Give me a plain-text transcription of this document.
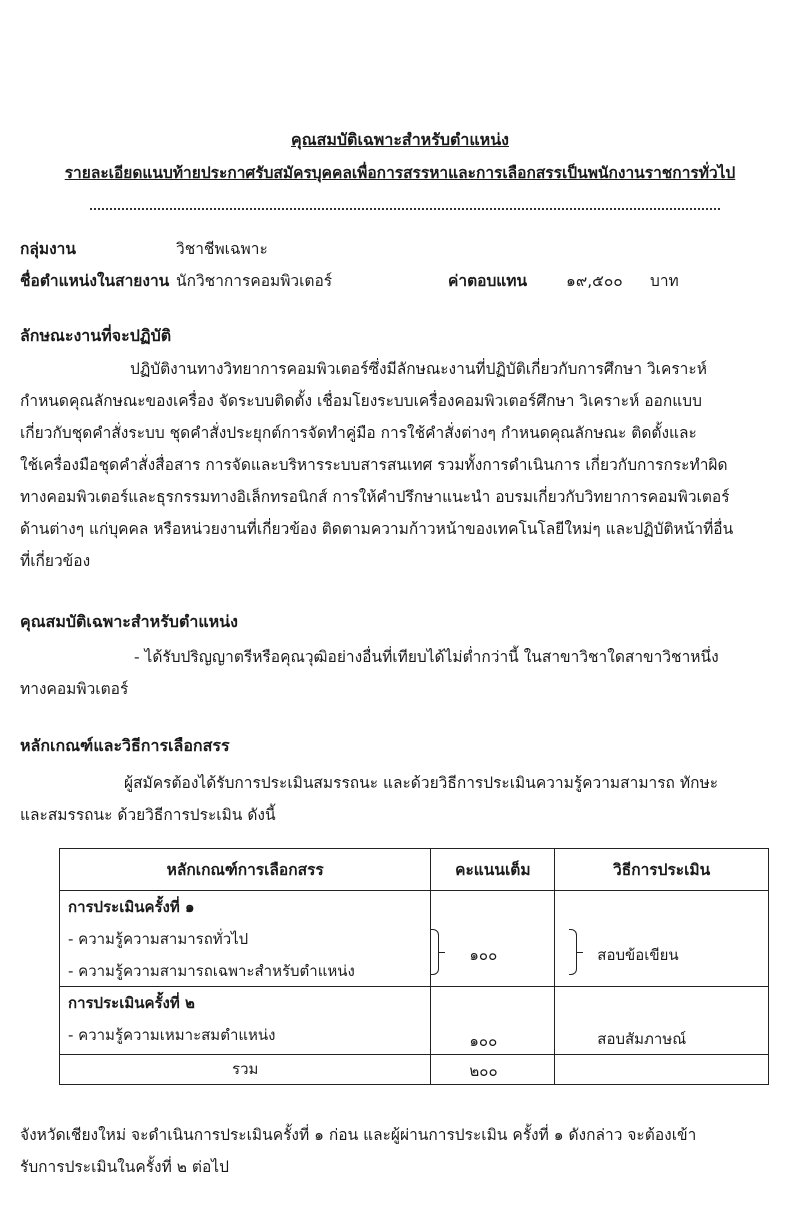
คุณสมบัติเฉพาะสำหรับตำแหน่ง
รายละเอียดแนบท้ายประกาศรับสมัครบุคคลเพื่อการสรรหาและการเลือกสรรเป็นพนักงานราชการทั่วไป
กลุ่มงาน	วิชาชีพเฉพาะ
ชื่อตำแหน่งในสายงาน นักวิชาการคอมพิวเตอร์	ค่าตอบแทน	๑๙,๕๐๐ บาท
ลักษณะงานที่จะปฏิบัติ
ปฏิบัติงานทางวิทยาการคอมพิวเตอร์ซึ่งมีลักษณะงานที่ปฏิบัติเกี่ยวกับการศึกษา วิเคราะห์
กำหนดคุณลักษณะของเครื่อง จัดระบบติดตั้ง เชื่อมโยงระบบเครื่องคอมพิวเตอร์ศึกษา วิเคราะห์ ออกแบบ
เกี่ยวกับชุดคำสั่งระบบ ชุดคำสั่งประยุกต์การจัดทำคู่มือ การใช้คำสั่งต่างๆ กำหนดคุณลักษณะ ติดตั้งและ
ใช้เครื่องมือชุดคำสั่งสื่อสาร การจัดและบริหารระบบสารสนเทศ รวมทั้งการดำเนินการ เกี่ยวกับการกระทำผิด
ทางคอมพิวเตอร์และธุรกรรมทางอิเล็กทรอนิกส์ การให้คำปรึกษาแนะนำ อบรมเกี่ยวกับวิทยาการคอมพิวเตอร์
ด้านต่างๆ แก่บุคคล หรือหน่วยงานที่เกี่ยวข้อง ติดตามความก้าวหน้าของเทคโนโลยีใหม่ๆ และปฏิบัติหน้าที่อื่น
ที่เกี่ยวข้อง
คุณสมบัติเฉพาะสำหรับตำแหน่ง
- ได้รับปริญญาตรีหรือคุณวุฒิอย่างอื่นที่เทียบได้ไม่ต่ำกว่านี้ ในสาขาวิชาใดสาขาวิชาหนึ่ง
ทางคอมพิวเตอร์
หลักเกณฑ์และวิธีการเลือกสรร
ผู้สมัครต้องได้รับการประเมินสมรรถนะ และด้วยวิธีการประเมินความรู้ความสามารถ ทักษะ
และสมรรถนะ ด้วยวิธีการประเมิน ดังนี้
หลักเกณฑ์การเลือกสรร	คะแนนเต็ม	วิธีการประเมิน

การประเมินครั้งที่ ๑
- ความรู้ความสามารถทั่วไป
- ความรู้ความสามารถเฉพาะสำหรับตำแหน่ง	๑๐๐	สอบข้อเขียน

การประเมินครั้งที่ ๒
- ความรู้ความเหมาะสมตำแหน่ง	๑๐๐	สอบสัมภาษณ์

รวม	๒๐๐	

จังหวัดเชียงใหม่ จะดำเนินการประเมินครั้งที่ ๑ ก่อน และผู้ผ่านการประเมิน ครั้งที่ ๑ ดังกล่าว จะต้องเข้า
รับการประเมินในครั้งที่ ๒ ต่อไป
